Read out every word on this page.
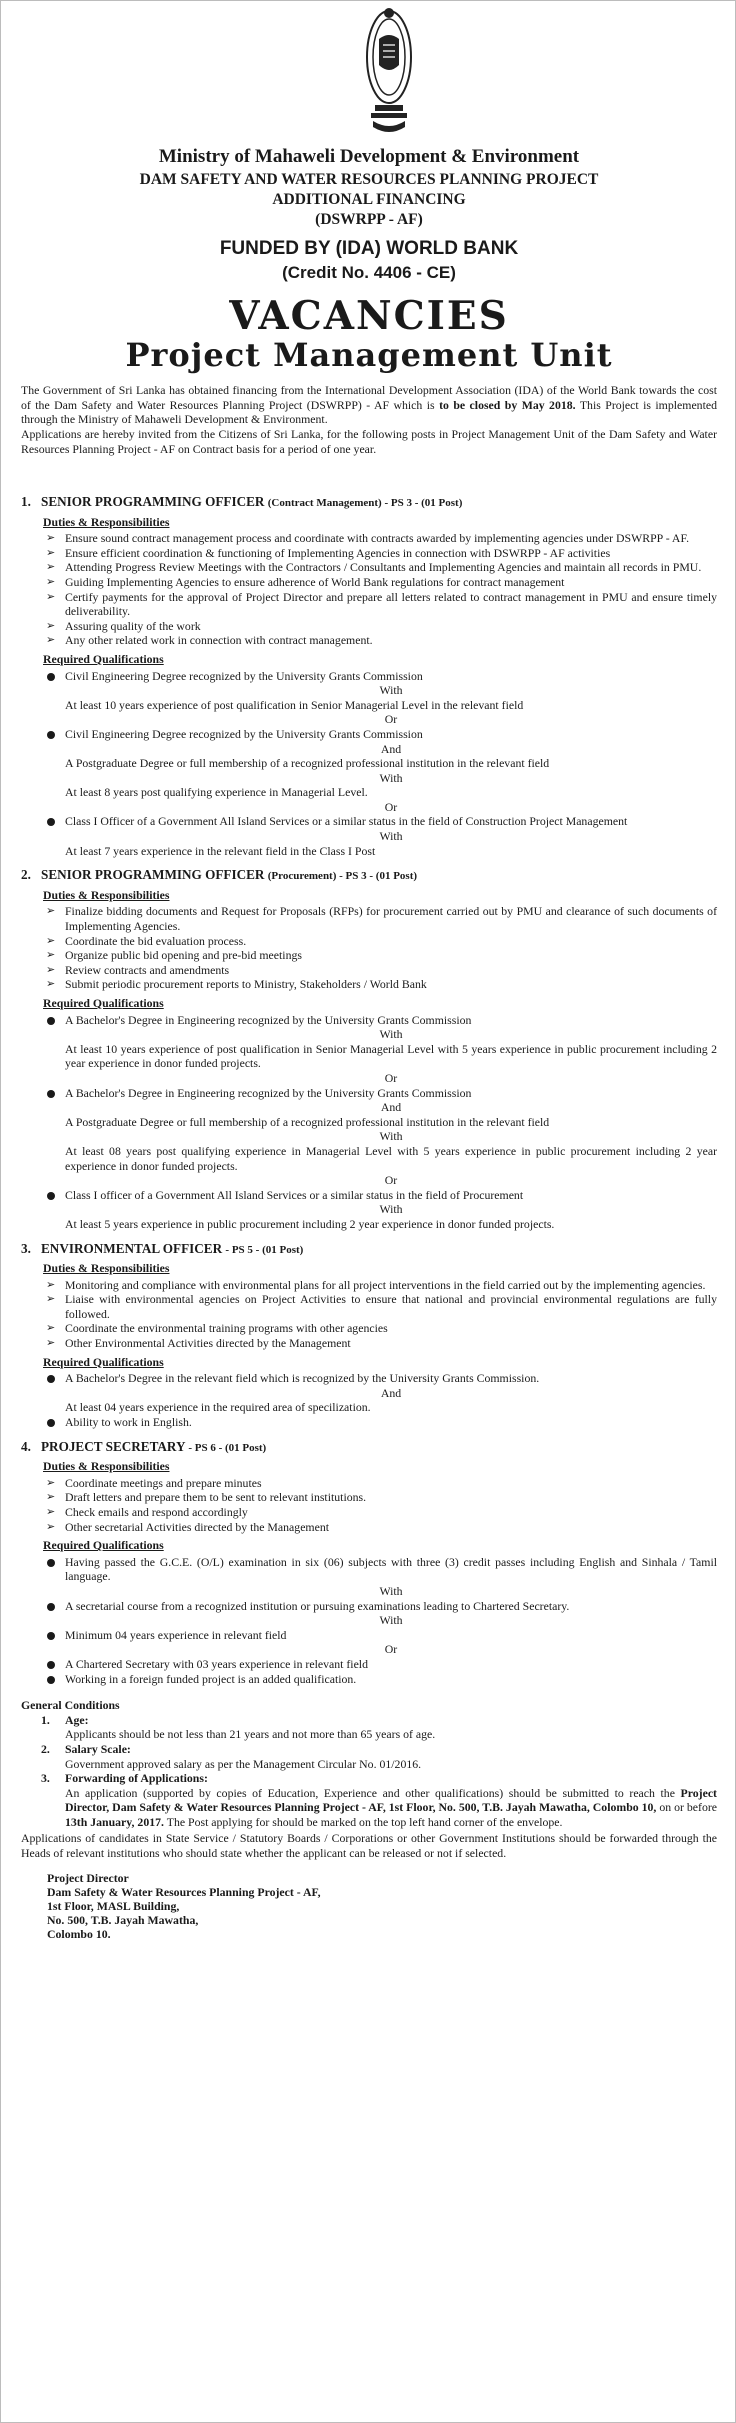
Ministry of Mahaweli Development & Environment
DAM SAFETY AND WATER RESOURCES PLANNING PROJECT
ADDITIONAL FINANCING
(DSWRPP - AF)
FUNDED BY (IDA) WORLD BANK
(Credit No. 4406 - CE)
VACANCIES
Project Management Unit
The Government of Sri Lanka has obtained financing from the International Development Association (IDA) of the World Bank towards the cost of the Dam Safety and Water Resources Planning Project (DSWRPP) - AF which is to be closed by May 2018. This Project is implemented through the Ministry of Mahaweli Development & Environment.
Applications are hereby invited from the Citizens of Sri Lanka, for the following posts in Project Management Unit of the Dam Safety and Water Resources Planning Project - AF on Contract basis for a period of one year.
1. SENIOR PROGRAMMING OFFICER (Contract Management) - PS 3 - (01 Post)
Duties & Responsibilities
➢ Ensure sound contract management process and coordinate with contracts awarded by implementing agencies under DSWRPP - AF.
➢ Ensure efficient coordination & functioning of Implementing Agencies in connection with DSWRPP - AF activities
➢ Attending Progress Review Meetings with the Contractors / Consultants and Implementing Agencies and maintain all records in PMU.
➢ Guiding Implementing Agencies to ensure adherence of World Bank regulations for contract management
➢ Certify payments for the approval of Project Director and prepare all letters related to contract management in PMU and ensure timely deliverability.
➢ Assuring quality of the work
➢ Any other related work in connection with contract management.
Required Qualifications
Civil Engineering Degree recognized by the University Grants Commission
With
At least 10 years experience of post qualification in Senior Managerial Level in the relevant field
Or
Civil Engineering Degree recognized by the University Grants Commission
And
A Postgraduate Degree or full membership of a recognized professional institution in the relevant field
With
At least 8 years post qualifying experience in Managerial Level.
Or
Class I Officer of a Government All Island Services or a similar status in the field of Construction Project Management
With
At least 7 years experience in the relevant field in the Class I Post
2. SENIOR PROGRAMMING OFFICER (Procurement) - PS 3 - (01 Post)
Duties & Responsibilities
➢ Finalize bidding documents and Request for Proposals (RFPs) for procurement carried out by PMU and clearance of such documents of Implementing Agencies.
➢ Coordinate the bid evaluation process.
➢ Organize public bid opening and pre-bid meetings
➢ Review contracts and amendments
➢ Submit periodic procurement reports to Ministry, Stakeholders / World Bank
Required Qualifications
A Bachelor's Degree in Engineering recognized by the University Grants Commission
With
At least 10 years experience of post qualification in Senior Managerial Level with 5 years experience in public procurement including 2 year experience in donor funded projects.
Or
A Bachelor's Degree in Engineering recognized by the University Grants Commission
And
A Postgraduate Degree or full membership of a recognized professional institution in the relevant field
With
At least 08 years post qualifying experience in Managerial Level with 5 years experience in public procurement including 2 year experience in donor funded projects.
Or
Class I officer of a Government All Island Services or a similar status in the field of Procurement
With
At least 5 years experience in public procurement including 2 year experience in donor funded projects.
3. ENVIRONMENTAL OFFICER - PS 5 - (01 Post)
Duties & Responsibilities
➢ Monitoring and compliance with environmental plans for all project interventions in the field carried out by the implementing agencies.
➢ Liaise with environmental agencies on Project Activities to ensure that national and provincial environmental regulations are fully followed.
➢ Coordinate the environmental training programs with other agencies
➢ Other Environmental Activities directed by the Management
Required Qualifications
A Bachelor's Degree in the relevant field which is recognized by the University Grants Commission.
And
At least 04 years experience in the required area of specilization.
Ability to work in English.
4. PROJECT SECRETARY - PS 6 - (01 Post)
Duties & Responsibilities
➢ Coordinate meetings and prepare minutes
➢ Draft letters and prepare them to be sent to relevant institutions.
➢ Check emails and respond accordingly
➢ Other secretarial Activities directed by the Management
Required Qualifications
Having passed the G.C.E. (O/L) examination in six (06) subjects with three (3) credit passes including English and Sinhala / Tamil language.
With
A secretarial course from a recognized institution or pursuing examinations leading to Chartered Secretary.
With
Minimum 04 years experience in relevant field
Or
A Chartered Secretary with 03 years experience in relevant field
Working in a foreign funded project is an added qualification.
General Conditions
1. Age:
Applicants should be not less than 21 years and not more than 65 years of age.
2. Salary Scale:
Government approved salary as per the Management Circular No. 01/2016.
3. Forwarding of Applications:
An application (supported by copies of Education, Experience and other qualifications) should be submitted to reach the Project Director, Dam Safety & Water Resources Planning Project - AF, 1st Floor, No. 500, T.B. Jayah Mawatha, Colombo 10, on or before 13th January, 2017. The Post applying for should be marked on the top left hand corner of the envelope.
Applications of candidates in State Service / Statutory Boards / Corporations or other Government Institutions should be forwarded through the Heads of relevant institutions who should state whether the applicant can be released or not if selected.
Project Director
Dam Safety & Water Resources Planning Project - AF,
1st Floor, MASL Building,
No. 500, T.B. Jayah Mawatha,
Colombo 10.
